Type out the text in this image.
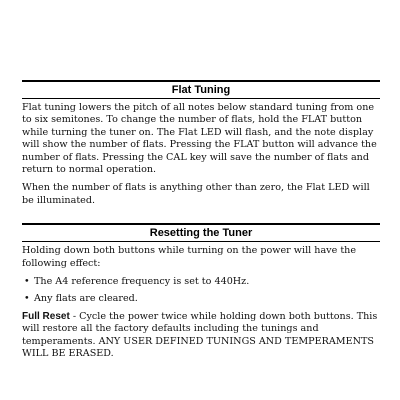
Flat Tuning

Flat tuning lowers the pitch of all notes below standard tuning from one to six semitones. To change the number of flats, hold the FLAT button while turning the tuner on. The Flat LED will flash, and the note display will show the number of flats. Pressing the FLAT button will advance the number of flats. Pressing the CAL key will save the number of flats and return to normal operation.

When the number of flats is anything other than zero, the Flat LED will be illuminated.

Resetting the Tuner

Holding down both buttons while turning on the power will have the following effect:

• The A4 reference frequency is set to 440Hz.
• Any flats are cleared.

Full Reset - Cycle the power twice while holding down both buttons. This will restore all the factory defaults including the tunings and temperaments. ANY USER DEFINED TUNINGS AND TEMPERAMENTS WILL BE ERASED.
